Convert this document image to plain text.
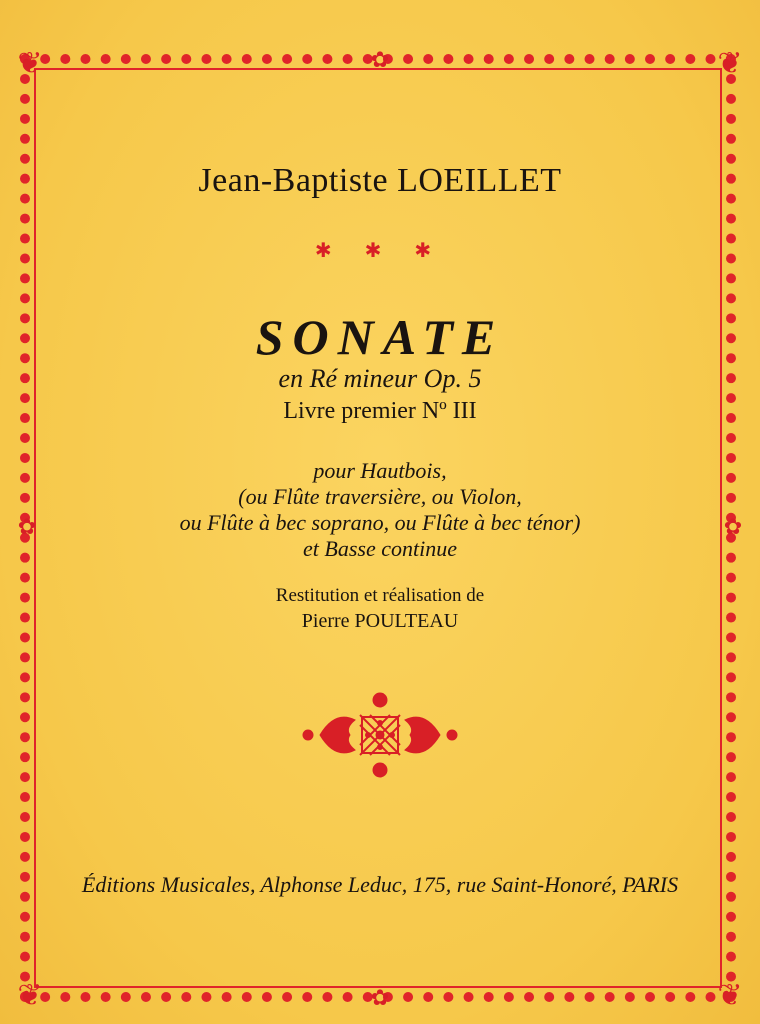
❦	❦
❦	❦
✿
✿
✿	✿
Jean-Baptiste LOEILLET
✱ ✱ ✱
SONATE
en Ré mineur Op. 5
Livre premier Nº III
pour Hautbois,
(ou Flûte traversière, ou Violon,
ou Flûte à bec soprano, ou Flûte à bec ténor)
et Basse continue
Restitution et réalisation de
Pierre POULTEAU
Éditions Musicales, Alphonse Leduc, 175, rue Saint-Honoré, PARIS
